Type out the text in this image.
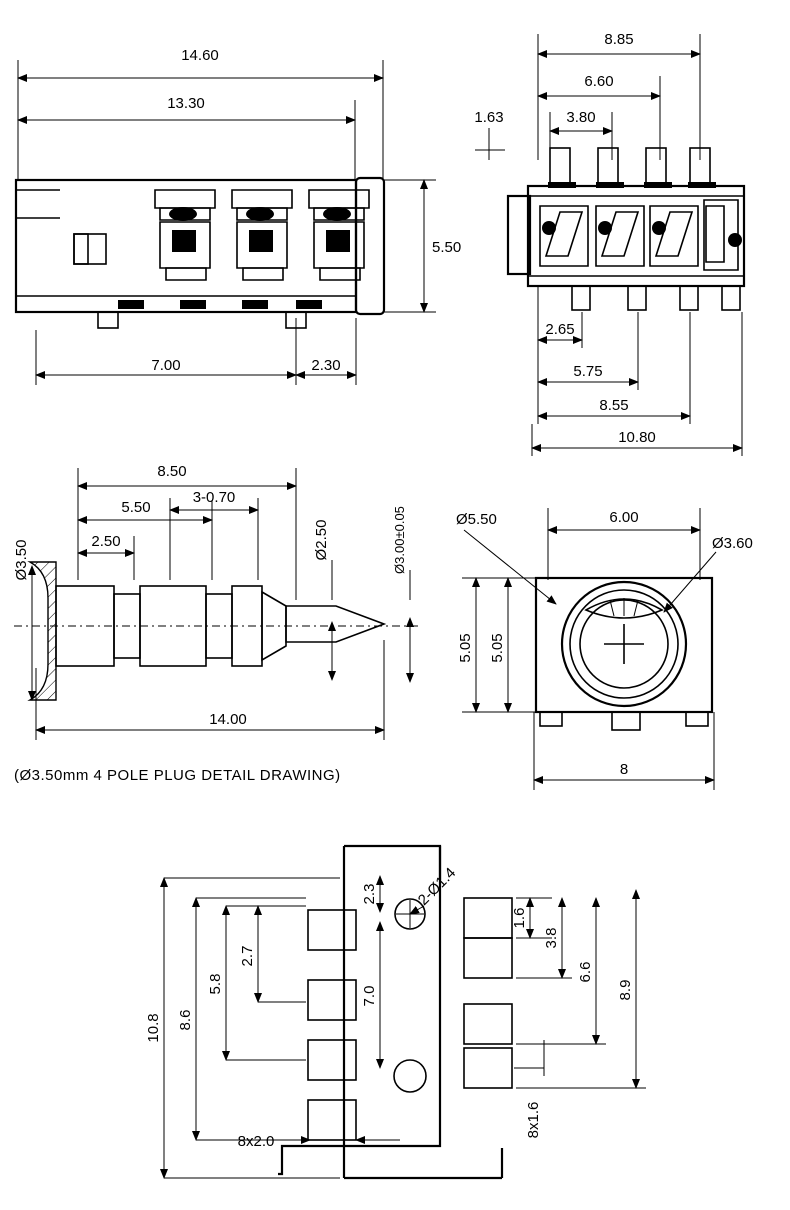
14.60
13.30
5.50
7.00	2.30
8.85
6.60
3.80
1.63
2.65
5.75
8.55
10.80
8.50
5.50
3-0.70
2.50
Ø3.50	Ø2.50	Ø3.00±0.05
14.00
(Ø3.50mm 4 POLE PLUG DETAIL DRAWING)
6.00
Ø5.50
Ø3.60
5.05 5.05
8
2-Ø1.4
10.8 8.6
5.8
2.7
2.3
7.0
1.6
3.8
6.6
8.9
8x2.0
8x1.6
